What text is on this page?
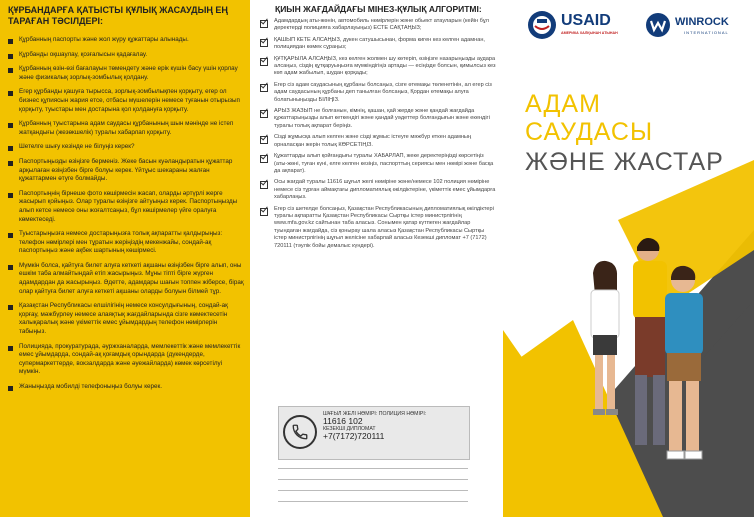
ҚҰРБАНДАРҒА ҚАТЫСТЫ ҚҰЛЫҚ ЖАСАУДЫҢ ЕҢ ТАРАҒАН ТӘСІЛДЕРІ:
Құрбанның паспорты және жол жүру құжаттары алынады.
Құрбанды оқшаулау, қозғалысын қадағалау.
Құрбанның өзін-өзі бағалауын төмендету және ерік күшін басу үшін қорлау және физикалық зорлық-зомбылық қолдану.
Егер құрбанды қашуға тырысса, зорлық-зомбылықпен қорқыту, егер ол бизнес құпиясын жария етсе, отбасы мүшелерін немесе туғанын отырызып қорқыту, туыстары мен достарына қол қолдануға қорқыту.
Құрбанның туыстарына адам саудасы құрбанының шын мәнінде не істеп жатқандығы (жезөкшелік) туралы хабарлап қорқыту.
Шетелге шығу кезінде не білуңіз керек?
Паспортыңызды өзіңізге берменіз. Жеке басын куәландыратын құжаттар арқылаған өзіңізбен бірге болуы керек. Үйтұыс шекараны жалған құжаттармен өтуге болмайды.
Паспортыңнің бірнеше фото көшірмесін жасап, оларды әртүрлі жерге жасырып қойыңыз. Олар туралы өзіңізге айтуыңыз керек. Паспортыңызды алып кетсе немесе оны жоғалтсаңыз, бұл көшірмелер үйге оралуға көмектеседі.
Туыстарыңызға немесе достарыңызға толық ақпаратты қалдырыңыз: телефон нөмірлері мен тұратын жеріңіздің мекенжайы, сондай-ақ паспортыңыз және ақбек шартының көшірмесі.
Мүмкін болса, қайтуға билет алуға кеткеті ақшаны өзіңізбен бірге алып, оны ешкім таба алмайтындай етіп жасырыңыз. Мұны тіпті бірге жүрген адамдардан да жасырыңыз. Әдетте, адамдары шағын топпен жіберсе, бірақ олар қайтуға билет алуға кеткеті ақшаны оларды болуын білмей тұр.
Қазақстан Республикасы елшілігінің немесе консулдығының, сондай-ақ қорғау, мәжбүрлеу немесе алаяқтық жағдайларында сізге көмектесетін халықаралық және үкіметтік емес ұйымдардың телефон нөмірлерін табыңыз.
Полицияда, прокуратурада, әуржханаларда, мемлекеттік және мемлекеттік емес ұйымдарда, сондай-ақ қоғамдық орындарда (дүкендерде, супермаркеттерде, вокзалдарда және әуежайларда) көмек көрсетілуі мүмкін.
Жаныңызда мобилді телефоныңыз болуы керек.
ҚИЫН ЖАҒДАЙДАҒЫ МІНЕЗ-ҚҰЛЫҚ АЛГОРИТМІ:
Адамдардың аты-жөнін, автомобиль нөмірлерін және обьект атауларын (кейін бұл деректерді полицияға хабарлауыңыз) ЕСТЕ САҚТАҢЫЗ;
ҚАШЫП КЕТЕ АЛСАҢЫЗ, дүкен сатушысынан, форма киген кез келген адамнан, полициядан көмек сұраңыз;
ҚҰТҚАРЫЛА АЛСАҢЫЗ, кез келген жолмен шу көтеріп, өзіңізге назарыңызды аудара алсаңыз, сіздің құтқаруыңызға мүмкіндігіңіз артады — есіңізде болсын, қимылсыз кез көп адам жабылып, шудан қорқады;
Егер сіз адам саудасының құрбаны болсаңыз, сізге өтемақы төленетінін, ал егер сіз адам саудасының құрбаны деп танылған болсаңыз, Қордан өтемақы алуға болатыныңызды БІЛІҢІЗ.
АРЫЗ ЖАЗЫП не болғанын, кімнің, қашан, қай жерде және қандай жағдайда құжаттарыңызды алып кеткендігі және қандай уәдеттер болғандығын және екендігі туралы толық ақпарат беріңіз.
Сізді жұмысқа алып келген және сізді жұмыс істеуге мәжбүр еткен адамның орналасқан жерін толық КӨРСЕТІҢІЗ.
Құжаттарды алып қойғандығы туралы ХАБАРЛАП, жеке деректеріңізді көрсетіңіз (аты-жөні, туған күні, елге келген кезіңіз, паспорттың сериясы мен нөмірі және басқа да ақпарат).
Осы жағдай туралы 11616 шұғыл желі нөміріне және/немесе 102 полиция нөміріне немесе сіз тұрған аймақтағы дипломатиялық өкілдіктеріне, үкіметтік емес ұйымдарға хабарлаңыз.
Егер сіз шетелде болсаңыз, Қазақстан Республикасының дипломатиялық өкілдіктері туралы ақпаратты Қазақстан Республикасы Сыртқы істер министрлігінің www.mfa.gov.kz сайтынан таба аласыз. Сонымен қатар күтпеген жағдайлар туындаған жағдайда, сіз қонырау шала аласыз Қазақстан Республикасы Сыртқы істер министрлігінің шұғыл желісіне хабарлай аласыз Кезекші дипломат +7 (7172) 720111 (тәулік бойы демалыс күндері).
ШҰҒЫЛ ЖЕЛІ НӨМІРІ: ПОЛИЦИЯ НӨМІРІ:
11616 102
КЕЗЕКШІ ДИПЛОМАТ
+7(7172)720111
USAID
АМЕРИКА ХАЛҚЫНАН АТЫНАН
WINROCK
INTERNATIONAL
АДАМ
САУДАСЫ
ЖӘНЕ ЖАСТАР
